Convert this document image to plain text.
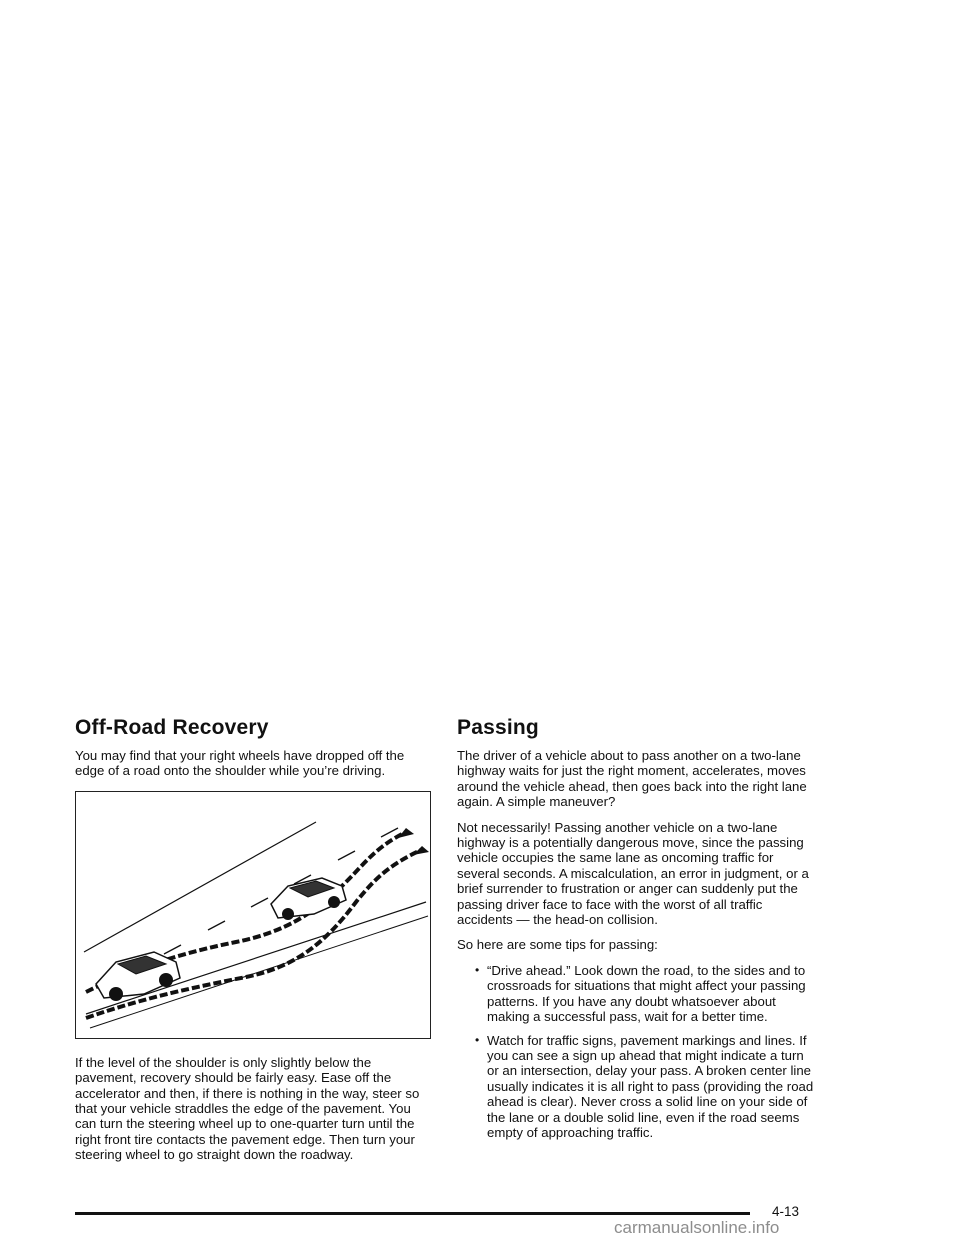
Off-Road Recovery

You may find that your right wheels have dropped off the edge of a road onto the shoulder while you’re driving.

If the level of the shoulder is only slightly below the pavement, recovery should be fairly easy. Ease off the accelerator and then, if there is nothing in the way, steer so that your vehicle straddles the edge of the pavement. You can turn the steering wheel up to one-quarter turn until the right front tire contacts the pavement edge. Then turn your steering wheel to go straight down the roadway.

Passing

The driver of a vehicle about to pass another on a two-lane highway waits for just the right moment, accelerates, moves around the vehicle ahead, then goes back into the right lane again. A simple maneuver?

Not necessarily! Passing another vehicle on a two-lane highway is a potentially dangerous move, since the passing vehicle occupies the same lane as oncoming traffic for several seconds. A miscalculation, an error in judgment, or a brief surrender to frustration or anger can suddenly put the passing driver face to face with the worst of all traffic accidents — the head-on collision.

So here are some tips for passing:

• “Drive ahead.” Look down the road, to the sides and to crossroads for situations that might affect your passing patterns. If you have any doubt whatsoever about making a successful pass, wait for a better time.
• Watch for traffic signs, pavement markings and lines. If you can see a sign up ahead that might indicate a turn or an intersection, delay your pass. A broken center line usually indicates it is all right to pass (providing the road ahead is clear). Never cross a solid line on your side of the lane or a double solid line, even if the road seems empty of approaching traffic.
4-13
carmanualsonline.info
